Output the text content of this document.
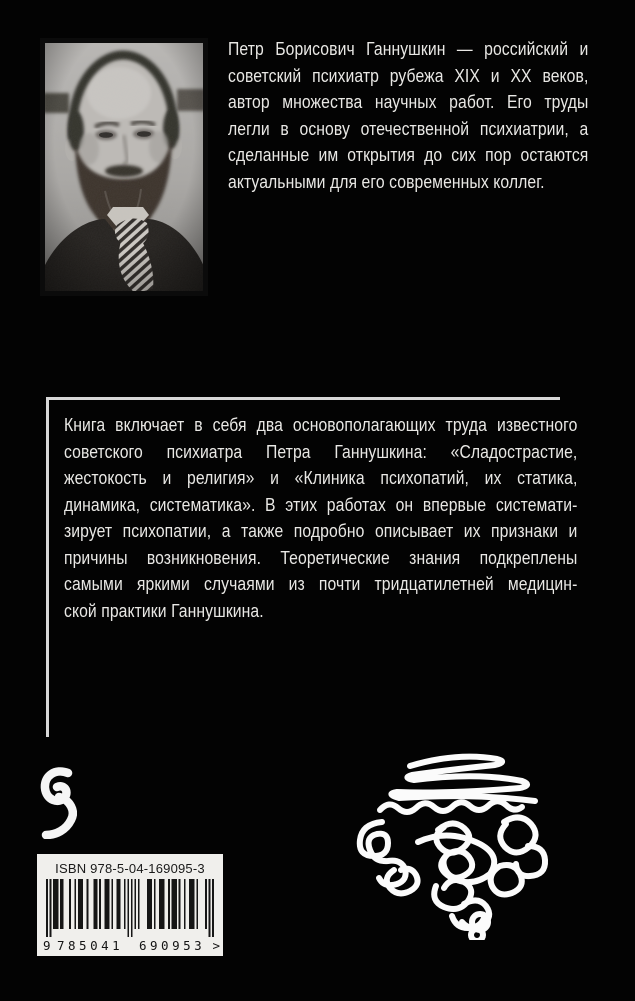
Петр Борисович Ганнушкин — российский и
советский психиатр рубежа XIX и XX веков,
автор множества научных работ. Его труды
легли в основу отечественной психиатрии, а
сделанные им открытия до сих пор остаются
актуальными для его современных коллег.
Книга включает в себя два основополагающих труда известного
советского психиатра Петра Ганнушкина: «Сладострастие,
жестокость и религия» и «Клиника психопатий, их статика,
динамика, систематика». В этих работах он впервые системати-
зирует психопатии, а также подробно описывает их признаки и
причины возникновения. Теоретические знания подкреплены
самыми яркими случаями из почти тридцатилетней медицин-
ской практики Ганнушкина.
ISBN 978-5-04-169095-3
9 785041 690953 >
